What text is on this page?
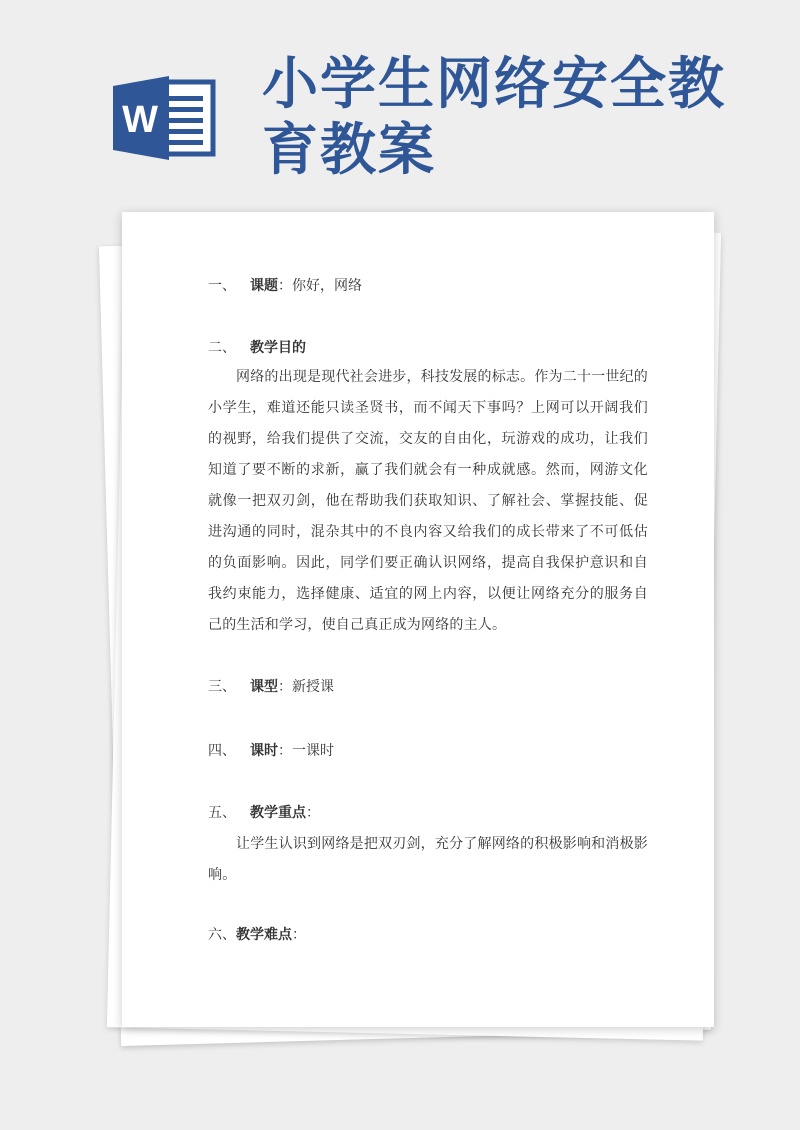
W
小学生网络安全教育教案
一、	课题 ： 你好，网络
二、	教学目的

网络的出现是现代社会进步，科技发展的标志。作为二十一世纪的小学生，难道还能只读圣贤书，而不闻天下事吗？上网可以开阔我们的视野，给我们提供了交流，交友的自由化，玩游戏的成功，让我们知道了要不断的求新，赢了我们就会有一种成就感。然而，网游文化就像一把双刃剑，他在帮助我们获取知识、了解社会、掌握技能、促进沟通的同时，混杂其中的不良内容又给我们的成长带来了不可低估的负面影响。因此，同学们要正确认识网络，提高自我保护意识和自我约束能力，选择健康、适宜的网上内容，以便让网络充分的服务自己的生活和学习，使自己真正成为网络的主人。

三、	课型 ： 新授课
四、	课时 ： 一课时
五、	教学重点 ：

让学生认识到网络是把双刃剑，充分了解网络的积极影响和消极影响。

六、 教学难点 ：
